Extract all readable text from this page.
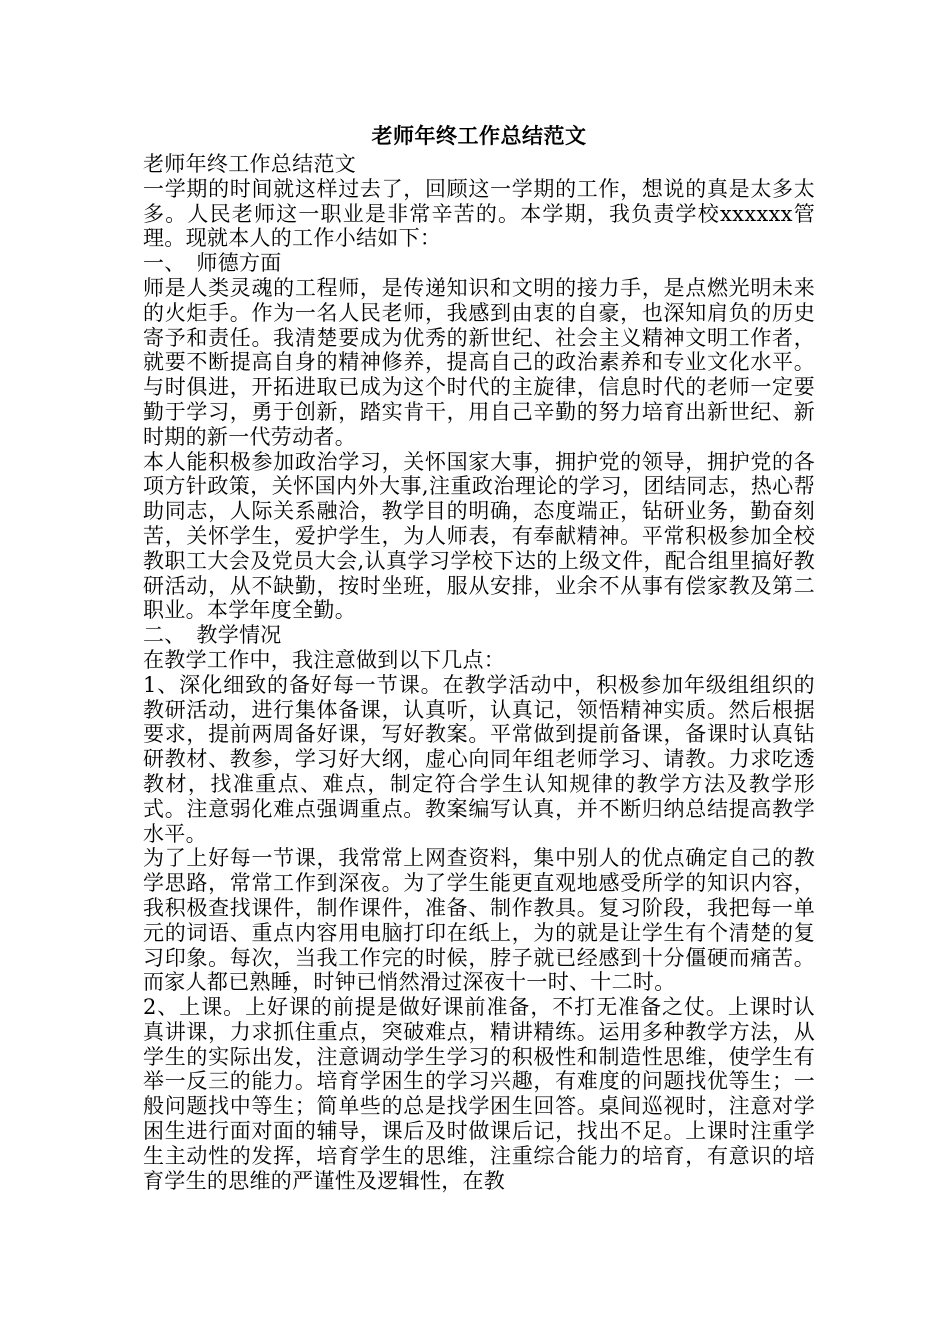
老师年终工作总结范文

老师年终工作总结范文

一学期的时间就这样过去了，回顾这一学期的工作，想说的真是太多太多。人民老师这一职业是非常辛苦的。本学期，我负责学校xxxxxx管理。现就本人的工作小结如下：

一、　师德方面

师是人类灵魂的工程师，是传递知识和文明的接力手，是点燃光明未来的火炬手。作为一名人民老师，我感到由衷的自豪，也深知肩负的历史寄予和责任。我清楚要成为优秀的新世纪、社会主义精神文明工作者，就要不断提高自身的精神修养，提高自己的政治素养和专业文化水平。与时俱进，开拓进取已成为这个时代的主旋律，信息时代的老师一定要勤于学习，勇于创新，踏实肯干，用自己辛勤的努力培育出新世纪、新时期的新一代劳动者。

本人能积极参加政治学习，关怀国家大事，拥护党的领导，拥护党的各项方针政策，关怀国内外大事,注重政治理论的学习，团结同志，热心帮助同志，人际关系融洽，教学目的明确，态度端正，钻研业务，勤奋刻苦，关怀学生，爱护学生，为人师表，有奉献精神。平常积极参加全校教职工大会及党员大会,认真学习学校下达的上级文件，配合组里搞好教研活动，从不缺勤，按时坐班，服从安排，业余不从事有偿家教及第二职业。本学年度全勤。

二、　教学情况

在教学工作中，我注意做到以下几点：

1、深化细致的备好每一节课。在教学活动中，积极参加年级组组织的教研活动，进行集体备课，认真听，认真记，领悟精神实质。然后根据要求，提前两周备好课，写好教案。平常做到提前备课，备课时认真钻研教材、教参，学习好大纲，虚心向同年组老师学习、请教。力求吃透教材，找准重点、难点，制定符合学生认知规律的教学方法及教学形式。注意弱化难点强调重点。教案编写认真，并不断归纳总结提高教学水平。

为了上好每一节课，我常常上网查资料，集中别人的优点确定自己的教学思路，常常工作到深夜。为了学生能更直观地感受所学的知识内容，我积极查找课件，制作课件，准备、制作教具。复习阶段，我把每一单元的词语、重点内容用电脑打印在纸上，为的就是让学生有个清楚的复习印象。每次，当我工作完的时候，脖子就已经感到十分僵硬而痛苦。而家人都已熟睡，时钟已悄然滑过深夜十一时、十二时。

2、上课。上好课的前提是做好课前准备，不打无准备之仗。上课时认真讲课，力求抓住重点，突破难点，精讲精练。运用多种教学方法，从学生的实际出发，注意调动学生学习的积极性和制造性思维，使学生有举一反三的能力。培育学困生的学习兴趣，有难度的问题找优等生；一般问题找中等生；简单些的总是找学困生回答。桌间巡视时，注意对学困生进行面对面的辅导，课后及时做课后记，找出不足。上课时注重学生主动性的发挥，培育学生的思维，注重综合能力的培育，有意识的培育学生的思维的严谨性及逻辑性，在教
